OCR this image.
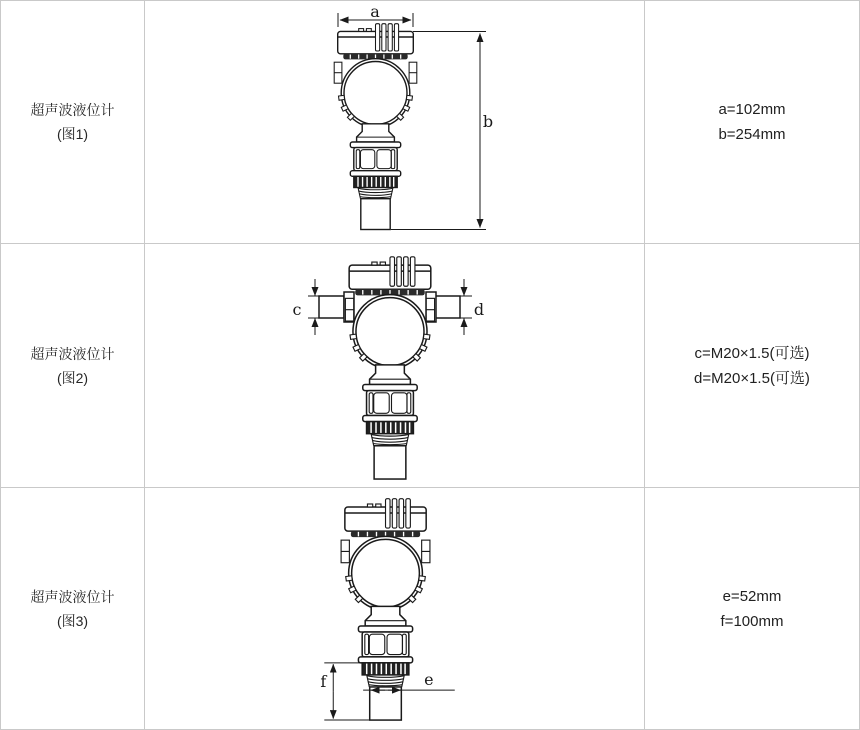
超声波液位计
(图1)
a
b
a=102mm
b=254mm
超声波液位计
(图2)
c	d
c=M20×1.5(可选)
d=M20×1.5(可选)
超声波液位计
(图3)
f	e
e=52mm
f=100mm
